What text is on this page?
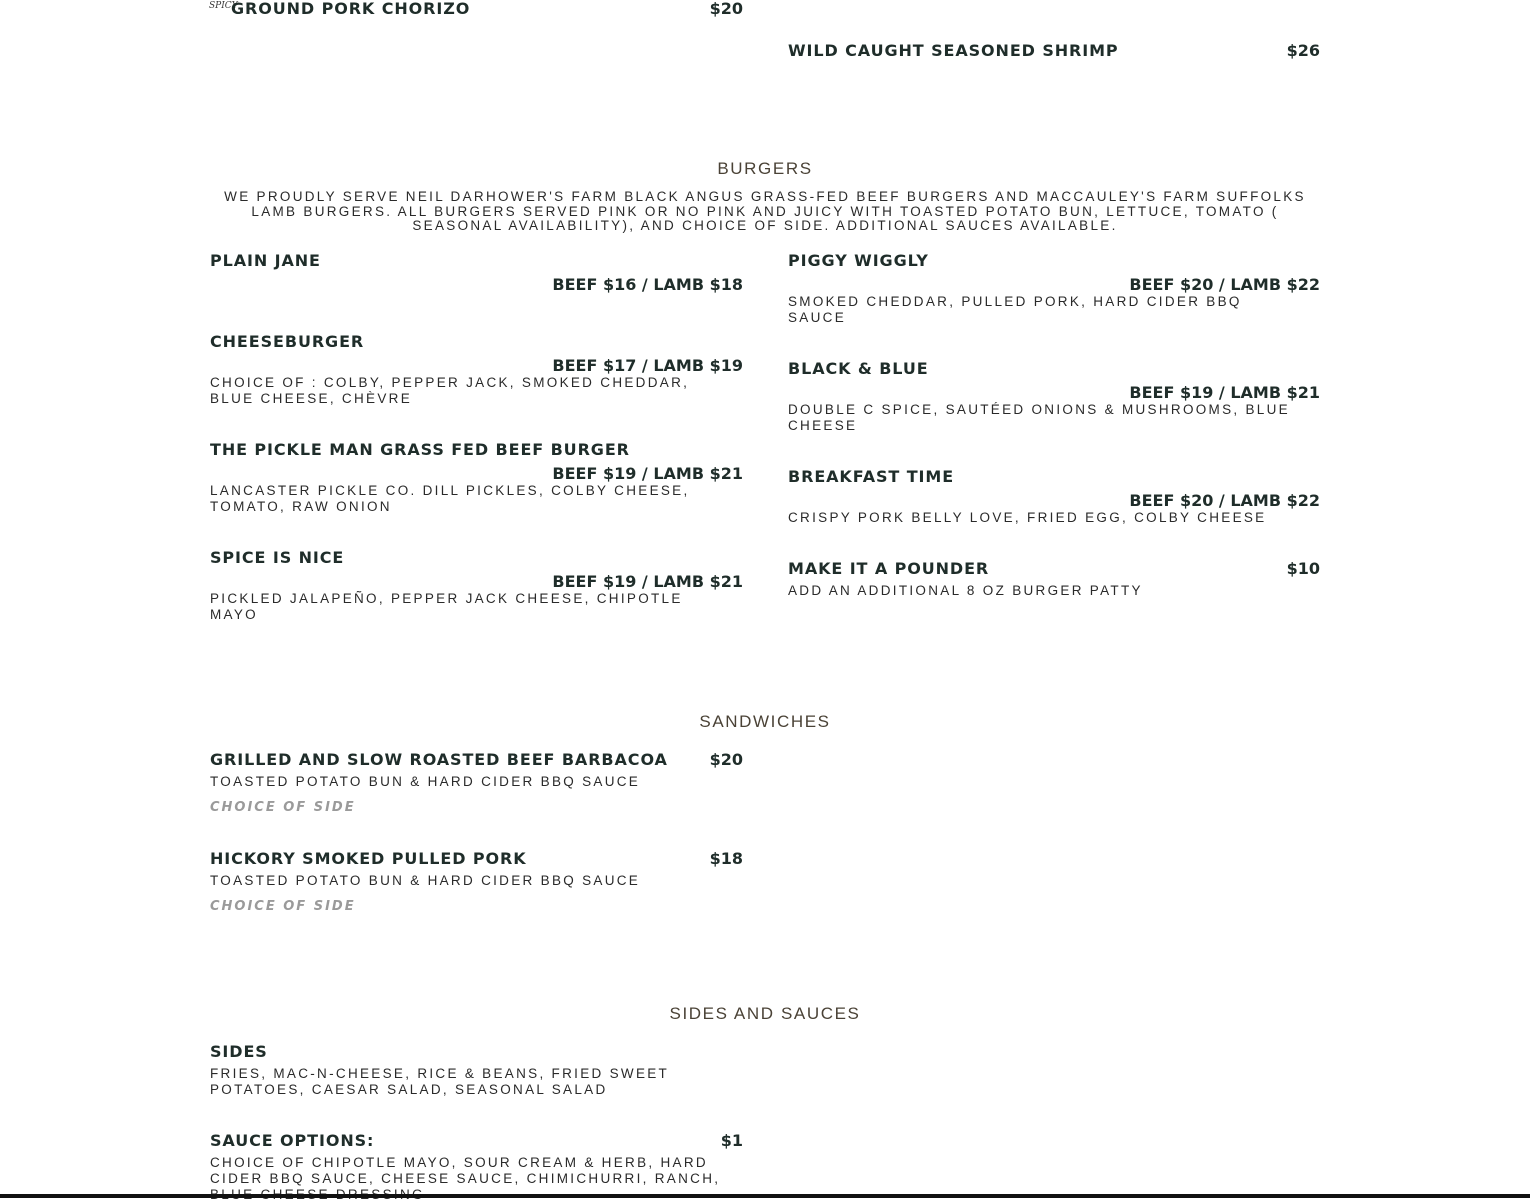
SPICY
GROUND PORK CHORIZO	$20
WILD CAUGHT SEASONED SHRIMP	$26
BURGERS
WE PROUDLY SERVE NEIL DARHOWER'S FARM BLACK ANGUS GRASS-FED BEEF BURGERS AND MACCAULEY'S FARM SUFFOLKS LAMB BURGERS. ALL BURGERS SERVED PINK OR NO PINK AND JUICY WITH TOASTED POTATO BUN, LETTUCE, TOMATO ( SEASONAL AVAILABILITY), AND CHOICE OF SIDE. ADDITIONAL SAUCES AVAILABLE.
PLAIN JANE
BEEF $16 / LAMB $18
CHEESEBURGER
BEEF $17 / LAMB $19
CHOICE OF : COLBY, PEPPER JACK, SMOKED CHEDDAR, BLUE CHEESE, CHÈVRE
THE PICKLE MAN GRASS FED BEEF BURGER
BEEF $19 / LAMB $21
LANCASTER PICKLE CO. DILL PICKLES, COLBY CHEESE, TOMATO, RAW ONION
SPICE IS NICE
BEEF $19 / LAMB $21
PICKLED JALAPEÑO, PEPPER JACK CHEESE, CHIPOTLE MAYO
PIGGY WIGGLY
BEEF $20 / LAMB $22
SMOKED CHEDDAR, PULLED PORK, HARD CIDER BBQ SAUCE
BLACK & BLUE
BEEF $19 / LAMB $21
DOUBLE C SPICE, SAUTÉED ONIONS & MUSHROOMS, BLUE CHEESE
BREAKFAST TIME
BEEF $20 / LAMB $22
CRISPY PORK BELLY LOVE, FRIED EGG, COLBY CHEESE
MAKE IT A POUNDER	$10
ADD AN ADDITIONAL 8 OZ BURGER PATTY
SANDWICHES
GRILLED AND SLOW ROASTED BEEF BARBACOA	$20
TOASTED POTATO BUN & HARD CIDER BBQ SAUCE
CHOICE OF SIDE
HICKORY SMOKED PULLED PORK	$18
TOASTED POTATO BUN & HARD CIDER BBQ SAUCE
CHOICE OF SIDE
SIDES AND SAUCES
SIDES
FRIES, MAC-N-CHEESE, RICE & BEANS, FRIED SWEET POTATOES, CAESAR SALAD, SEASONAL SALAD
SAUCE OPTIONS:	$1
CHOICE OF CHIPOTLE MAYO, SOUR CREAM & HERB, HARD CIDER BBQ SAUCE, CHEESE SAUCE, CHIMICHURRI, RANCH,
